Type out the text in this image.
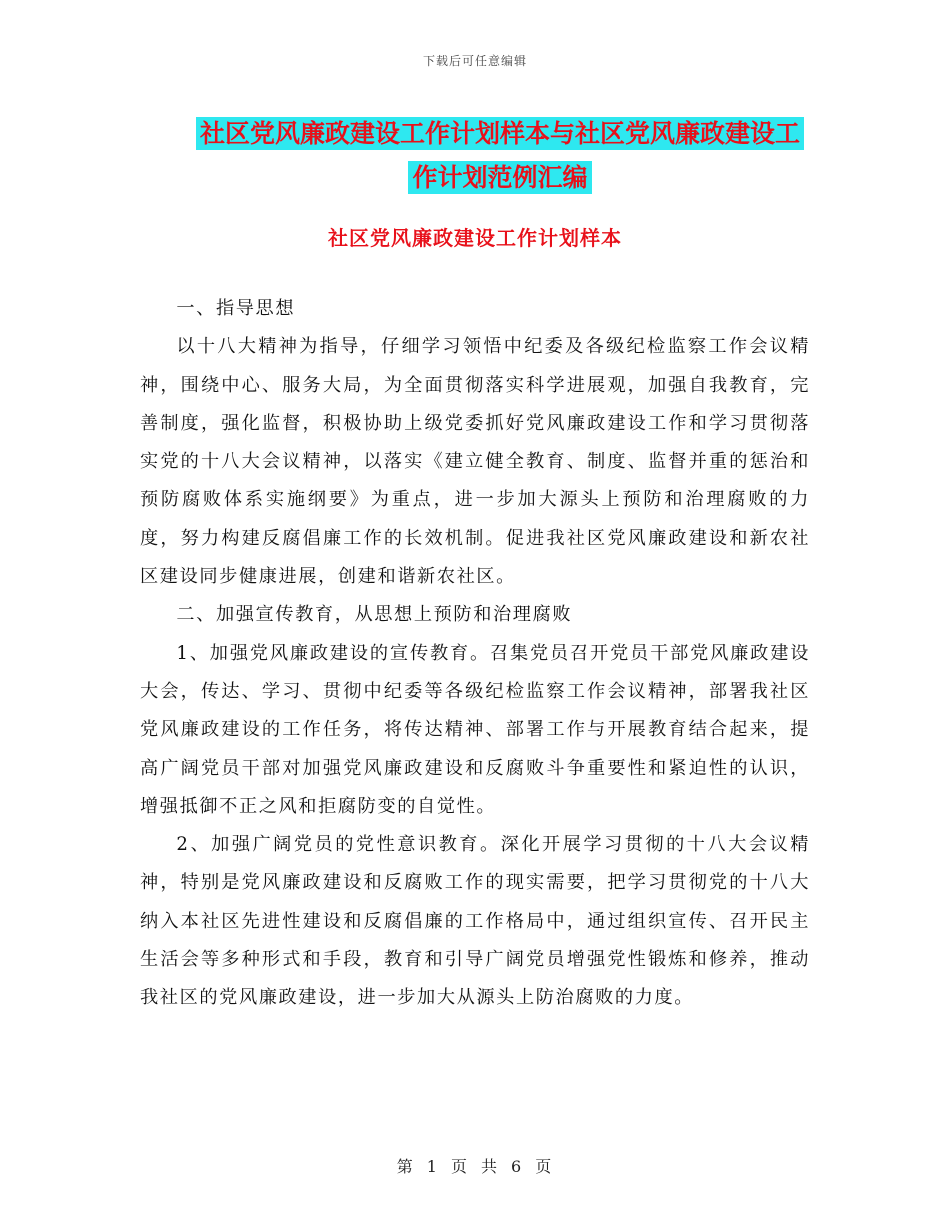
下载后可任意编辑
社区党风廉政建设工作计划样本与社区党风廉政建设工作计划范例汇编
社区党风廉政建设工作计划样本

一、指导思想

以十八大精神为指导，仔细学习领悟中纪委及各级纪检监察工作会议精神，围绕中心、服务大局，为全面贯彻落实科学进展观，加强自我教育，完善制度，强化监督，积极协助上级党委抓好党风廉政建设工作和学习贯彻落实党的十八大会议精神，以落实《建立健全教育、制度、监督并重的惩治和预防腐败体系实施纲要》为重点，进一步加大源头上预防和治理腐败的力度，努力构建反腐倡廉工作的长效机制。促进我社区党风廉政建设和新农社区建设同步健康进展，创建和谐新农社区。

二、加强宣传教育，从思想上预防和治理腐败

1、加强党风廉政建设的宣传教育。召集党员召开党员干部党风廉政建设大会，传达、学习、贯彻中纪委等各级纪检监察工作会议精神，部署我社区党风廉政建设的工作任务，将传达精神、部署工作与开展教育结合起来，提高广阔党员干部对加强党风廉政建设和反腐败斗争重要性和紧迫性的认识，增强抵御不正之风和拒腐防变的自觉性。

2、加强广阔党员的党性意识教育。深化开展学习贯彻的十八大会议精神，特别是党风廉政建设和反腐败工作的现实需要，把学习贯彻党的十八大纳入本社区先进性建设和反腐倡廉的工作格局中，通过组织宣传、召开民主生活会等多种形式和手段，教育和引导广阔党员增强党性锻炼和修养，推动我社区的党风廉政建设，进一步加大从源头上防治腐败的力度。

第 1 页 共 6 页
